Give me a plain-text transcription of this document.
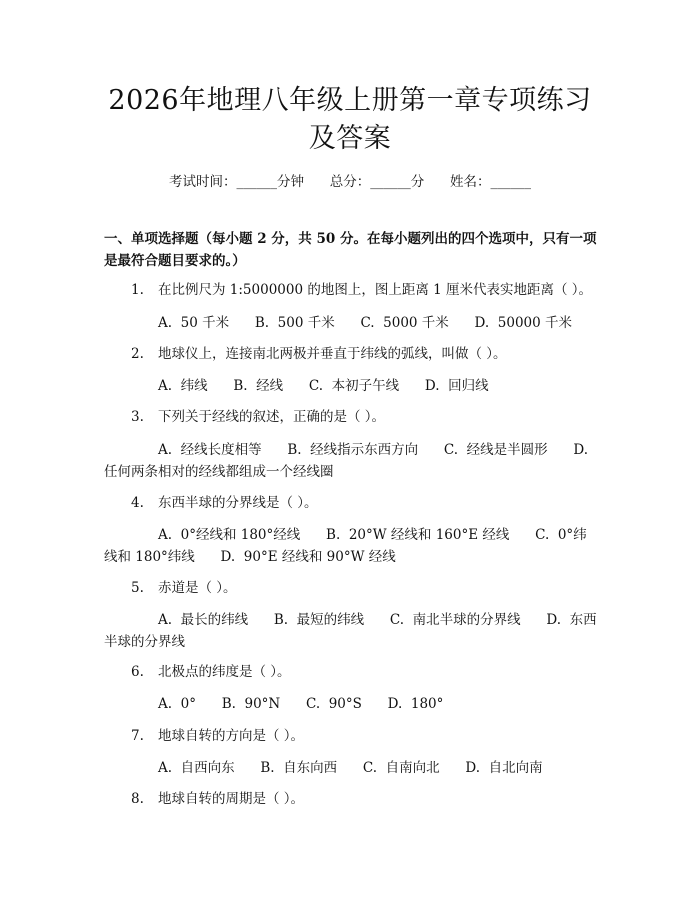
2026年地理八年级上册第一章专项练习及答案
考试时间：______分钟      总分：______分      姓名：______
一、单项选择题（每小题 2 分，共 50 分。在每小题列出的四个选项中，只有一项是最符合题目要求的。）
1. 在比例尺为 1:5000000 的地图上，图上距离 1 厘米代表实地距离（ ）。
A.  50 千米      B.  500 千米      C.  5000 千米      D.  50000 千米
2. 地球仪上，连接南北两极并垂直于纬线的弧线，叫做（ ）。
A.  纬线      B.  经线      C.  本初子午线      D.  回归线
3. 下列关于经线的叙述，正确的是（ ）。
A.  经线长度相等      B.  经线指示东西方向      C.  经线是半圆形      D.  任何两条相对的经线都组成一个经线圈
4. 东西半球的分界线是（ ）。
A.  0°经线和 180°经线      B.  20°W 经线和 160°E 经线      C.  0°纬线和 180°纬线      D.  90°E 经线和 90°W 经线
5. 赤道是（ ）。
A.  最长的纬线      B.  最短的纬线      C.  南北半球的分界线      D.  东西半球的分界线
6. 北极点的纬度是（ ）。
A.  0°      B.  90°N      C.  90°S      D.  180°
7. 地球自转的方向是（ ）。
A.  自西向东      B.  自东向西      C.  自南向北      D.  自北向南
8. 地球自转的周期是（ ）。
